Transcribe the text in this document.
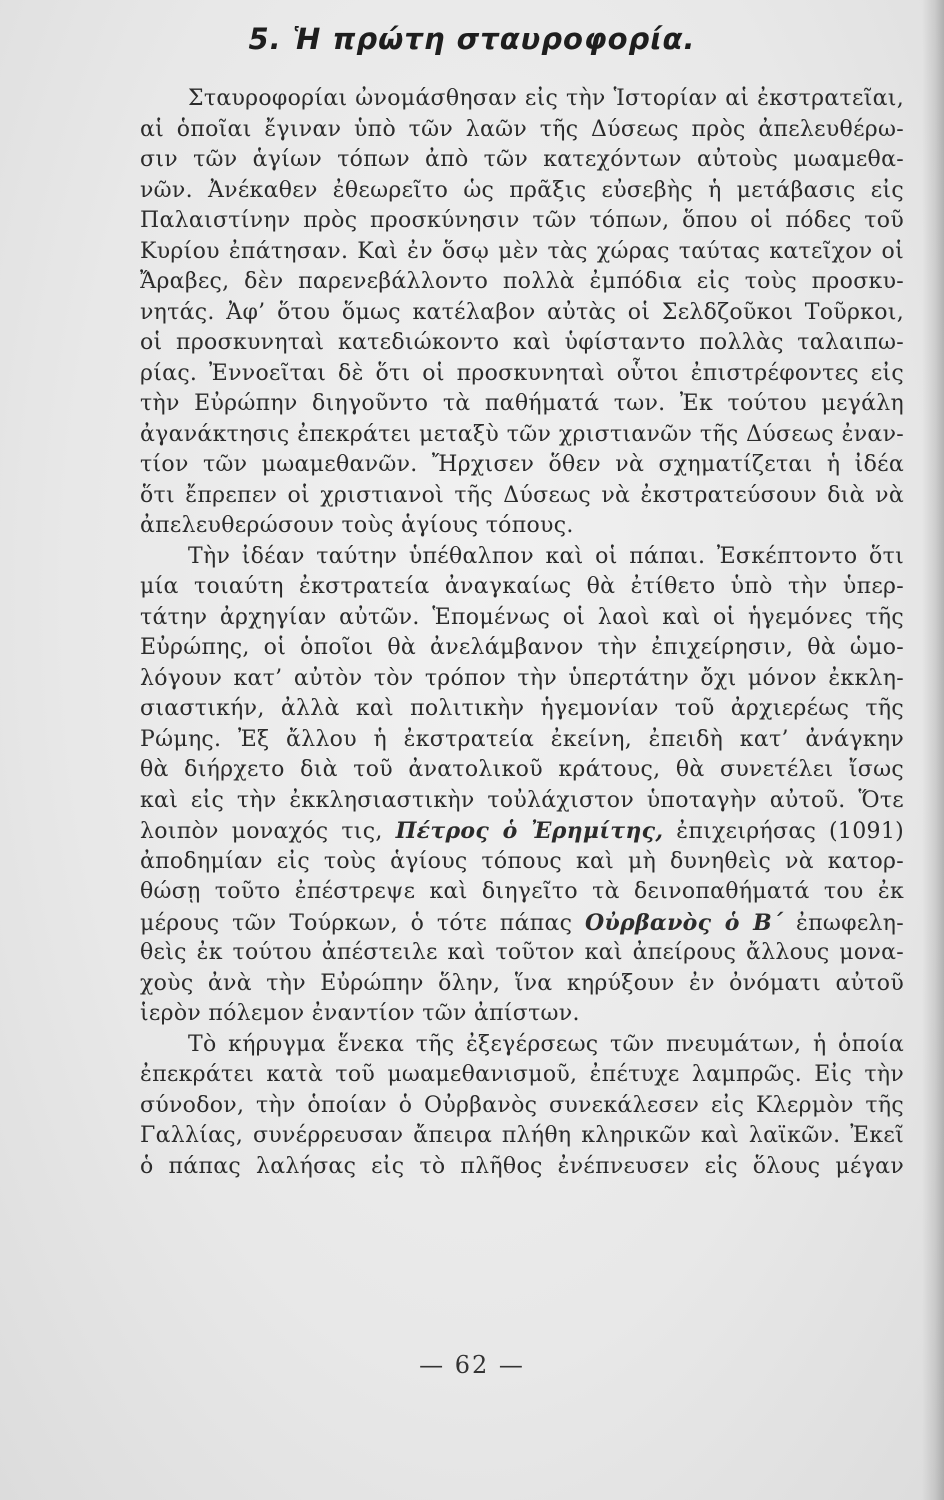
5. Ἡ πρώτη σταυροφορία.
Σταυροφορίαι ὠνομάσθησαν εἰς τὴν Ἱστορίαν αἱ ἐκστρατεῖαι,
αἱ ὁποῖαι ἔγιναν ὑπὸ τῶν λαῶν τῆς Δύσεως πρὸς ἀπελευθέρω-
σιν τῶν ἁγίων τόπων ἀπὸ τῶν κατεχόντων αὐτοὺς μωαμεθα-
νῶν. Ἀνέκαθεν ἐθεωρεῖτο ὡς πρᾶξις εὐσεβὴς ἡ μετάβασις εἰς
Παλαιστίνην πρὸς προσκύνησιν τῶν τόπων, ὅπου οἱ πόδες τοῦ
Κυρίου ἐπάτησαν. Καὶ ἐν ὅσῳ μὲν τὰς χώρας ταύτας κατεῖχον οἱ
Ἄραβες, δὲν παρενεβάλλοντο πολλὰ ἐμπόδια εἰς τοὺς προσκυ-
νητάς. Ἀφ’ ὅτου ὅμως κατέλαβον αὐτὰς οἱ Σελδζοῦκοι Τοῦρκοι,
οἱ προσκυνηταὶ κατεδιώκοντο καὶ ὑφίσταντο πολλὰς ταλαιπω-
ρίας. Ἐννοεῖται δὲ ὅτι οἱ προσκυνηταὶ οὗτοι ἐπιστρέφοντες εἰς
τὴν Εὐρώπην διηγοῦντο τὰ παθήματά των. Ἐκ τούτου μεγάλη
ἀγανάκτησις ἐπεκράτει μεταξὺ τῶν χριστιανῶν τῆς Δύσεως ἐναν-
τίον τῶν μωαμεθανῶν. Ἤρχισεν ὅθεν νὰ σχηματίζεται ἡ ἰδέα
ὅτι ἔπρεπεν οἱ χριστιανοὶ τῆς Δύσεως νὰ ἐκστρατεύσουν διὰ νὰ
ἀπελευθερώσουν τοὺς ἁγίους τόπους.
Τὴν ἰδέαν ταύτην ὑπέθαλπον καὶ οἱ πάπαι. Ἐσκέπτοντο ὅτι
μία τοιαύτη ἐκστρατεία ἀναγκαίως θὰ ἐτίθετο ὑπὸ τὴν ὑπερ-
τάτην ἀρχηγίαν αὐτῶν. Ἑπομένως οἱ λαοὶ καὶ οἱ ἡγεμόνες τῆς
Εὐρώπης, οἱ ὁποῖοι θὰ ἀνελάμβανον τὴν ἐπιχείρησιν, θὰ ὡμο-
λόγουν κατ’ αὐτὸν τὸν τρόπον τὴν ὑπερτάτην ὄχι μόνον ἐκκλη-
σιαστικήν, ἀλλὰ καὶ πολιτικὴν ἡγεμονίαν τοῦ ἀρχιερέως τῆς
Ρώμης. Ἐξ ἄλλου ἡ ἐκστρατεία ἐκείνη, ἐπειδὴ κατ’ ἀνάγκην
θὰ διήρχετο διὰ τοῦ ἀνατολικοῦ κράτους, θὰ συνετέλει ἴσως
καὶ εἰς τὴν ἐκκλησιαστικὴν τοὐλάχιστον ὑποταγὴν αὐτοῦ. Ὅτε
λοιπὸν μοναχός τις, Πέτρος ὁ Ἐρημίτης, ἐπιχειρήσας (1091)
ἀποδημίαν εἰς τοὺς ἁγίους τόπους καὶ μὴ δυνηθεὶς νὰ κατορ-
θώσῃ τοῦτο ἐπέστρεψε καὶ διηγεῖτο τὰ δεινοπαθήματά του ἐκ
μέρους τῶν Τούρκων, ὁ τότε πάπας Οὐρβανὸς ὁ Β΄ ἐπωφελη-
θεὶς ἐκ τούτου ἀπέστειλε καὶ τοῦτον καὶ ἀπείρους ἄλλους μονα-
χοὺς ἀνὰ τὴν Εὐρώπην ὅλην, ἵνα κηρύξουν ἐν ὀνόματι αὐτοῦ
ἱερὸν πόλεμον ἐναντίον τῶν ἀπίστων.
Τὸ κήρυγμα ἕνεκα τῆς ἐξεγέρσεως τῶν πνευμάτων, ἡ ὁποία
ἐπεκράτει κατὰ τοῦ μωαμεθανισμοῦ, ἐπέτυχε λαμπρῶς. Εἰς τὴν
σύνοδον, τὴν ὁποίαν ὁ Οὐρβανὸς συνεκάλεσεν εἰς Κλερμὸν τῆς
Γαλλίας, συνέρρευσαν ἄπειρα πλήθη κληρικῶν καὶ λαϊκῶν. Ἐκεῖ
ὁ πάπας λαλήσας εἰς τὸ πλῆθος ἐνέπνευσεν εἰς ὅλους μέγαν
— 62 —
